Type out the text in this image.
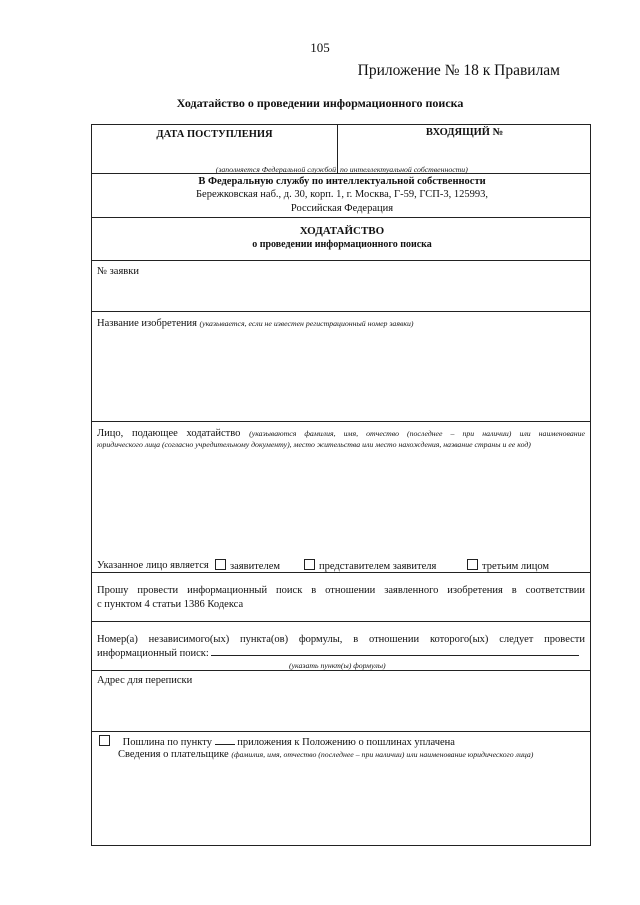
105
Приложение № 18 к Правилам
Ходатайство о проведении информационного поиска
ДАТА ПОСТУПЛЕНИЯ	ВХОДЯЩИЙ №
(заполняется Федеральной службой по интеллектуальной собственности)
В Федеральную службу по интеллектуальной собственности
Бережковская наб., д. 30, корп. 1, г. Москва, Г-59, ГСП-3, 125993,
Российская Федерация
ХОДАТАЙСТВО
о проведении информационного поиска
№ заявки
Название изобретения (указывается, если не известен регистрационный номер заявки)
Лицо, подающее ходатайство (указываются фамилия, имя, отчество (последнее – при наличии) или наименование
юридического лица (согласно учредительному документу), место жительства или место нахождения, название страны и ее код)
Указанное лицо является	заявителем	представителем заявителя	третьим лицом
Прошу провести информационный поиск в отношении заявленного изобретения в соответствии
с пунктом 4 статьи 1386 Кодекса
Номер(а) независимого(ых) пункта(ов) формулы, в отношении которого(ых) следует провести
информационный поиск:
(указать пункт(ы) формулы)
Адрес для переписки
Пошлина по пункту приложения к Положению о пошлинах уплачена
Сведения о плательщике (фамилия, имя, отчество (последнее – при наличии) или наименование юридического лица)
